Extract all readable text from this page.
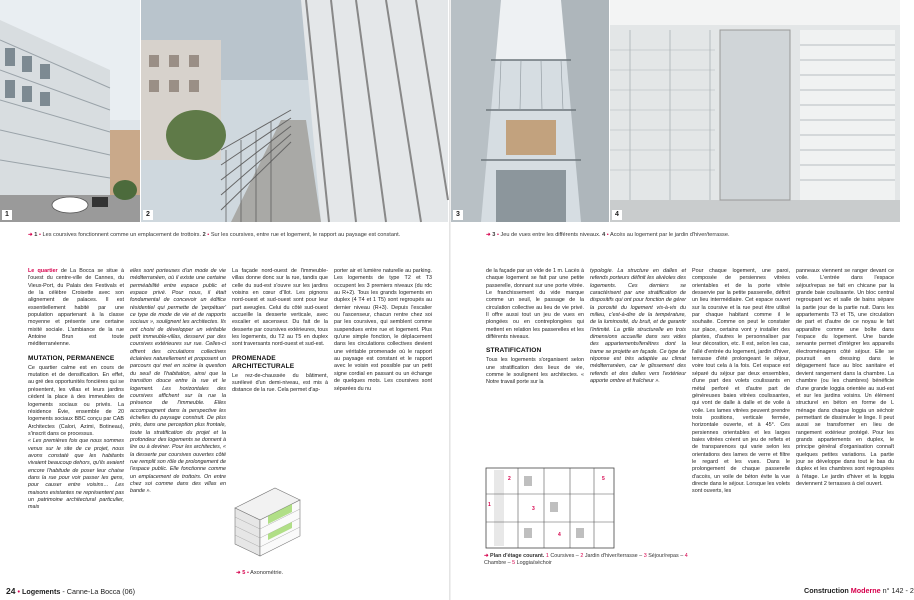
1	2	3	4
➜ 1 • Les coursives fonctionnent comme un emplacement de trottoirs. 2 • Sur les coursives, entre rue et logement, le rapport au paysage est constant.	➜ 3 • Jeu de vues entre les différents niveaux. 4 • Accès au logement par le jardin d'hiver/terrasse.

Le quartier de La Bocca se situe à l'ouest du centre-ville de Cannes, du Vieux-Port, du Palais des Festivals et de la célèbre Croisette avec son alignement de palaces. Il est essentiellement habité par une population appartenant à la classe moyenne et présente une certaine mixité sociale. L'ambiance de la rue Antoine Brun est toute méditerranéenne.

MUTATION, PERMANENCE

Ce quartier calme est en cours de mutation et de densification. En effet, au gré des opportunités foncières qui se présentent, les villas et leurs jardins cèdent la place à des immeubles de logements sociaux ou privés. La résidence Évie, ensemble de 20 logements sociaux BBC conçu par CAB Architectes (Calori, Azimi, Botineau), s'inscrit dans ce processus.

« Les premières fois que nous sommes venus sur le site de ce projet, nous avons constaté que les habitants vivaient beaucoup dehors, qu'ils avaient encore l'habitude de poser leur chaise dans la rue pour voir passer les gens, pour causer entre voisins… Les maisons existantes ne représentent pas un patrimoine architectural particulier, mais

elles sont porteuses d'un mode de vie méditerranéen, où il existe une certaine perméabilité entre espace public et espace privé. Pour nous, il était fondamental de concevoir un édifice résidentiel qui permette de 'perpétuer' ce type de mode de vie et de rapports sociaux », soulignent les architectes. Ils ont choisi de développer un véritable petit immeuble-villas, desservi par des coursives extérieures sur rue. Celles-ci offrent des circulations collectives éclairées naturellement et proposent un parcours qui met en scène la question du seuil de l'habitation, ainsi que la transition douce entre la rue et le logement. Les horizontales des coursives affichent sur la rue la présence de l'immeuble. Elles accompagnent dans la perspective les échelles du paysage construit. De plus près, dans une perception plus frontale, toute la stratification du projet et la profondeur des logements se donnent à lire ou à deviner. Pour les architectes, « la desserte par coursives ouvertes côté rue remplit son rôle de prolongement de l'espace public. Elle fonctionne comme un emplacement de trottoirs. On entre chez soi comme dans des villas en bande ».

La façade nord-ouest de l'immeuble-villas donne donc sur la rue, tandis que celle du sud-est s'ouvre sur les jardins voisins en cœur d'îlot. Les pignons nord-ouest et sud-ouest sont pour leur part aveugles. Celui du côté sud-ouest accueille la desserte verticale, avec escalier et ascenseur. Du fait de la desserte par coursives extérieures, tous les logements, du T2 au T5 en duplex sont traversants nord-ouest et sud-est.

PROMENADE ARCHITECTURALE

Le rez-de-chaussée du bâtiment, surélevé d'un demi-niveau, est mis à distance de la rue. Cela permet d'ap-

porter air et lumière naturelle au parking. Les logements de type T2 et T3 occupent les 3 premiers niveaux (du rdc au R+2). Tous les grands logements en duplex (4 T4 et 1 T5) sont regroupés au dernier niveau (R+3). Depuis l'escalier ou l'ascenseur, chacun rentre chez soi par les coursives, qui semblent comme suspendues entre rue et logement. Plus qu'une simple fonction, le déplacement dans les circulations collectives devient une véritable promenade où le rapport au paysage est constant et le rapport avec le voisin est possible par un petit signe cordial en passant ou un échange de quelques mots. Les coursives sont séparées du nu

➜ 5 • Axonométrie.

de la façade par un vide de 1 m. Lacès à chaque logement se fait par une petite passerelle, donnant sur une porte vitrée. Le franchissement du vide marque comme un seuil, le passage de la circulation collective au lieu de vie privé. Il offre aussi tout un jeu de vues en plongées ou en contreplongées qui mettent en relation les passerelles et les différents niveaux.

STRATIFICATION

Tous les logements s'organisent selon une stratification des lieux de vie, comme le soulignent les architectes. « Notre travail porte sur la

typologie. La structure en dalles et refends porteurs définit les alvéoles des logements. Ces derniers se caractérisent par une stratification de dispositifs qui ont pour fonction de gérer la porosité du logement vis-à-vis du milieu, c'est-à-dire de la température, de la luminosité, du bruit, et de garantir l'intimité. La grille structurelle en trois dimensions accueille dans ses vides des appartements/fenêtres dont la trame se projette en façade. Ce type de réponse est très adaptée au climat méditerranéen, car le glissement des refends et des dalles vers l'extérieur apporte ombre et fraîcheur ».

Pour chaque logement, une paroi, composée de persiennes vitrées orientables et de la porte vitrée desservie par la petite passerelle, définit un lieu intermédiaire. Cet espace ouvert sur la coursive et la rue peut être utilisé par chaque habitant comme il le souhaite. Comme on peut le constater sur place, certains vont y installer des plantes, d'autres le personnaliser par leur décoration, etc. Il est, selon les cas, l'allé d'entrée du logement, jardin d'hiver, terrasse d'été prolongeant le séjour, voire tout cela à la fois. Cet espace est séparé du séjour par deux ensembles, d'une part des volets coulissants en métal perforé et d'autre part de généreuses baies vitrées coulissantes, qui vont de dalle à dalle et de voile à voile. Les lames vitrées peuvent prendre trois positions, verticale fermée, horizontale ouverte, et à 45°. Ces persiennes orientables et les larges baies vitrées créent un jeu de reflets et de transparences qui varie selon les orientations des lames de verre et filtre le regard et les vues. Dans le prolongement de chaque passerelle d'accès, un voile de béton évite la vue directe dans le séjour. Lorsque les volets sont ouverts, les

panneaux viennent se ranger devant ce voile. L'entrée dans l'espace séjour/repas se fait en chicane par la grande baie coulissante. Un bloc central regroupant wc et salle de bains sépare la partie jour de la partie nuit. Dans les appartements T3 et T5, une circulation de part et d'autre de ce noyau le fait apparaître comme une boîte dans l'espace du logement. Une bande servante permet d'intégrer les appareils électroménagers côté séjour. Elle se poursuit en dressing dans le dégagement face au bloc sanitaire et devient rangement dans la chambre. La chambre (ou les chambres) bénéficie d'une grande loggia orientée au sud-est et sur les jardins voisins. Un élément structurel en béton en forme de L ménage dans chaque loggia un séchoir permettant de dissimuler le linge. Il peut aussi se transformer en lieu de rangement extérieur protégé. Pour les grands appartements en duplex, le principe général d'organisation connaît quelques petites variations. La partie jour se développe dans tout le bas du duplex et les chambres sont regroupées à l'étage. Le jardin d'hiver et la loggia deviennent 2 terrasses à ciel ouvert.

1
2
3
4
5
➜ Plan d'étage courant. 1 Coursives – 2 Jardin d'hiver/terrasse – 3 Séjour/repas – 4 Chambre – 5 Loggia/séchoir
24 • Logements - Canne-La Bocca (06)	Construction Moderne n° 142 - 2
